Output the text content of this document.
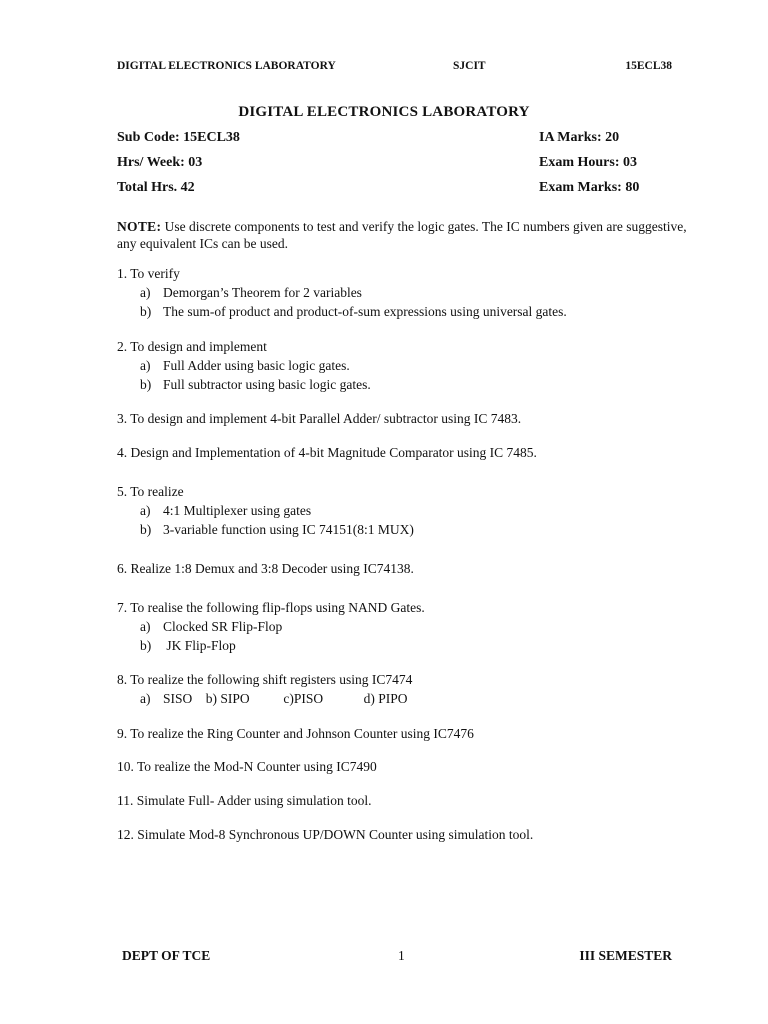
DIGITAL ELECTRONICS LABORATORY	SJCIT	15ECL38
DIGITAL ELECTRONICS LABORATORY
Sub Code: 15ECL38	IA Marks: 20
Hrs/ Week: 03	Exam Hours: 03
Total Hrs. 42	Exam Marks: 80
NOTE: Use discrete components to test and verify the logic gates. The IC numbers given are suggestive, any equivalent ICs can be used.
1. To verify
a) Demorgan’s Theorem for 2 variables
b) The sum-of product and product-of-sum expressions using universal gates.
2. To design and implement
a) Full Adder using basic logic gates.
b) Full subtractor using basic logic gates.
3. To design and implement 4-bit Parallel Adder/ subtractor using IC 7483.
4. Design and Implementation of 4-bit Magnitude Comparator using IC 7485.
5. To realize
a) 4:1 Multiplexer using gates
b) 3-variable function using IC 74151(8:1 MUX)
6. Realize 1:8 Demux and 3:8 Decoder using IC74138.
7. To realise the following flip-flops using NAND Gates.
a) Clocked SR Flip-Flop
b) JK Flip-Flop
8. To realize the following shift registers using IC7474
a) SISO    b) SIPO          c)PISO            d) PIPO
9. To realize the Ring Counter and Johnson Counter using IC7476
10. To realize the Mod-N Counter using IC7490
11. Simulate Full- Adder using simulation tool.
12. Simulate Mod-8 Synchronous UP/DOWN Counter using simulation tool.
DEPT OF TCE	1	III SEMESTER
